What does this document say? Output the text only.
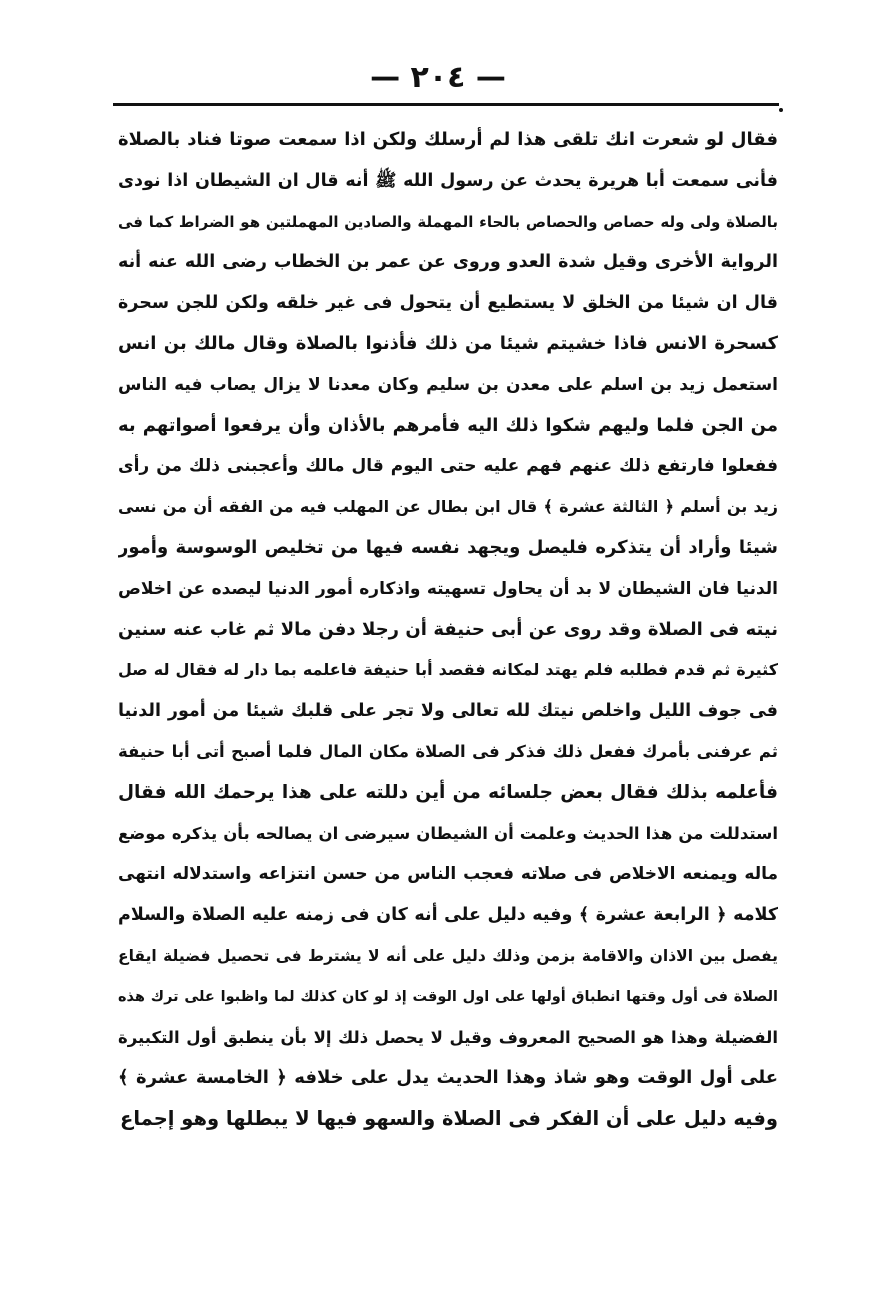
— ٢٠٤ —
فقال لو شعرت انك تلقى هذا لم أرسلك ولكن اذا سمعت صوتا فناد بالصلاة
فأنى سمعت أبا هريرة يحدث عن رسول الله ﷺ أنه قال ان الشيطان اذا نودى
بالصلاة ولى وله حصاص والحصاص بالحاء المهملة والصادين المهملتين هو الضراط كما فى
الرواية الأخرى وقيل شدة العدو وروى عن عمر بن الخطاب رضى الله عنه أنه
قال ان شيئا من الخلق لا يستطيع أن يتحول فى غير خلقه ولكن للجن سحرة
كسحرة الانس فاذا خشيتم شيئا من ذلك فأذنوا بالصلاة وقال مالك بن انس
استعمل زيد بن اسلم على معدن بن سليم وكان معدنا لا يزال يصاب فيه الناس
من الجن فلما وليهم شكوا ذلك اليه فأمرهم بالأذان وأن يرفعوا أصواتهم به
ففعلوا فارتفع ذلك عنهم فهم عليه حتى اليوم قال مالك وأعجبنى ذلك من رأى
زيد بن أسلم ﴿ الثالثة عشرة ﴾ قال ابن بطال عن المهلب فيه من الفقه أن من نسى
شيئا وأراد أن يتذكره فليصل ويجهد نفسه فيها من تخليص الوسوسة وأمور
الدنيا فان الشيطان لا بد أن يحاول تسهيته واذكاره أمور الدنيا ليصده عن اخلاص
نيته فى الصلاة وقد روى عن أبى حنيفة أن رجلا دفن مالا ثم غاب عنه سنين
كثيرة ثم قدم فطلبه فلم يهتد لمكانه فقصد أبا حنيفة فاعلمه بما دار له فقال له صل
فى جوف الليل واخلص نيتك لله تعالى ولا تجر على قلبك شيئا من أمور الدنيا
ثم عرفنى بأمرك ففعل ذلك فذكر فى الصلاة مكان المال فلما أصبح أتى أبا حنيفة
فأعلمه بذلك فقال بعض جلسائه من أين دللته على هذا يرحمك الله فقال
استدللت من هذا الحديث وعلمت أن الشيطان سيرضى ان يصالحه بأن يذكره موضع
ماله ويمنعه الاخلاص فى صلاته فعجب الناس من حسن انتزاعه واستدلاله انتهى
كلامه ﴿ الرابعة عشرة ﴾ وفيه دليل على أنه كان فى زمنه عليه الصلاة والسلام
يفصل بين الاذان والاقامة بزمن وذلك دليل على أنه لا يشترط فى تحصيل فضيلة ايقاع
الصلاة فى أول وقتها انطباق أولها على اول الوقت إذ لو كان كذلك لما واظبوا على ترك هذه
الفضيلة وهذا هو الصحيح المعروف وقيل لا يحصل ذلك إلا بأن ينطبق أول التكبيرة
على أول الوقت وهو شاذ وهذا الحديث يدل على خلافه ﴿ الخامسة عشرة ﴾
وفيه دليل على أن الفكر فى الصلاة والسهو فيها لا يبطلها وهو إجماع
